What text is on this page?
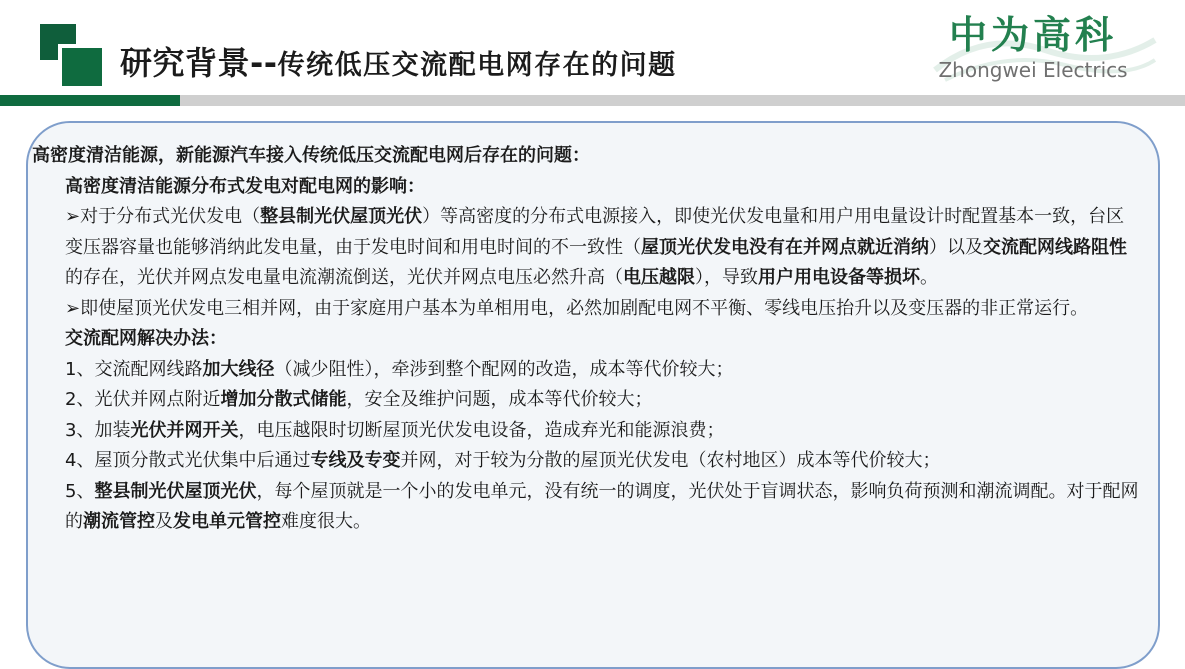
研究背景--传统低压交流配电网存在的问题
中为高科
Zhongwei Electrics

高密度清洁能源，新能源汽车接入传统低压交流配电网后存在的问题：

高密度清洁能源分布式发电对配电网的影响：

➢对于分布式光伏发电（整县制光伏屋顶光伏）等高密度的分布式电源接入，即使光伏发电量和用户用电量设计时配置基本一致，台区变压器容量也能够消纳此发电量，由于发电时间和用电时间的不一致性（屋顶光伏发电没有在并网点就近消纳）以及交流配网线路阻性的存在，光伏并网点发电量电流潮流倒送，光伏并网点电压必然升高（电压越限），导致用户用电设备等损坏。

➢即使屋顶光伏发电三相并网，由于家庭用户基本为单相用电，必然加剧配电网不平衡、零线电压抬升以及变压器的非正常运行。

交流配网解决办法：

1、交流配网线路加大线径（减少阻性），牵涉到整个配网的改造，成本等代价较大；

2、光伏并网点附近增加分散式储能，安全及维护问题，成本等代价较大；

3、加装光伏并网开关，电压越限时切断屋顶光伏发电设备，造成弃光和能源浪费；

4、屋顶分散式光伏集中后通过专线及专变并网，对于较为分散的屋顶光伏发电（农村地区）成本等代价较大；

5、整县制光伏屋顶光伏，每个屋顶就是一个小的发电单元，没有统一的调度，光伏处于盲调状态，影响负荷预测和潮流调配。对于配网的潮流管控及发电单元管控难度很大。
